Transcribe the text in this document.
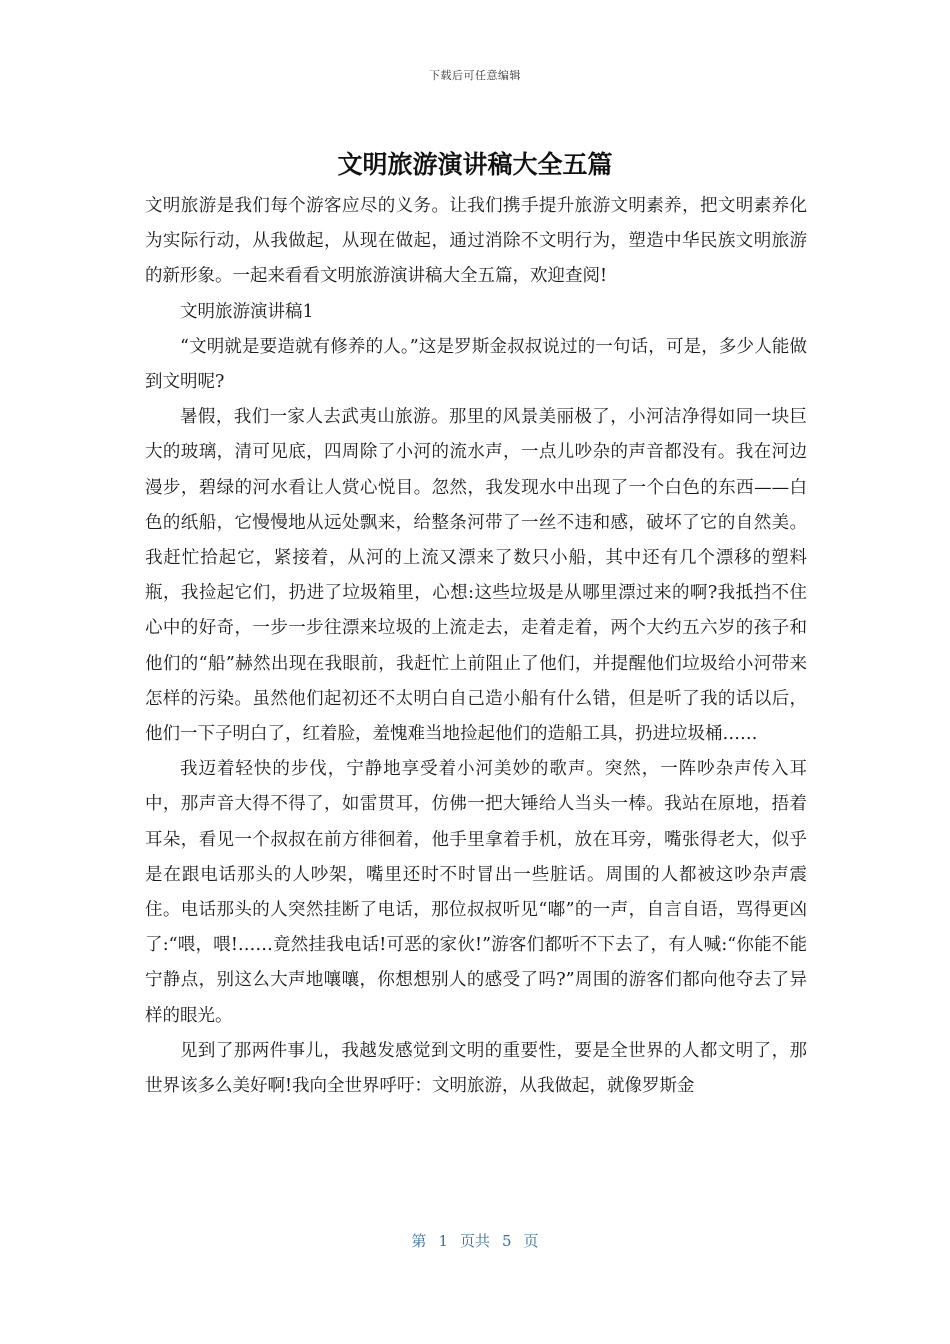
下载后可任意编辑
文明旅游演讲稿大全五篇

文明旅游是我们每个游客应尽的义务。让我们携手提升旅游文明素养，把文明素养化为实际行动，从我做起，从现在做起，通过消除不文明行为，塑造中华民族文明旅游的新形象。一起来看看文明旅游演讲稿大全五篇，欢迎查阅!

文明旅游演讲稿1

“文明就是要造就有修养的人。”这是罗斯金叔叔说过的一句话，可是，多少人能做到文明呢?

暑假，我们一家人去武夷山旅游。那里的风景美丽极了，小河洁净得如同一块巨大的玻璃，清可见底，四周除了小河的流水声，一点儿吵杂的声音都没有。我在河边漫步，碧绿的河水看让人赏心悦目。忽然，我发现水中出现了一个白色的东西——白色的纸船，它慢慢地从远处飘来，给整条河带了一丝不违和感，破坏了它的自然美。我赶忙拾起它，紧接着，从河的上流又漂来了数只小船，其中还有几个漂移的塑料瓶，我捡起它们，扔进了垃圾箱里，心想:这些垃圾是从哪里漂过来的啊?我抵挡不住心中的好奇，一步一步往漂来垃圾的上流走去，走着走着，两个大约五六岁的孩子和他们的“船”赫然出现在我眼前，我赶忙上前阻止了他们，并提醒他们垃圾给小河带来怎样的污染。虽然他们起初还不太明白自己造小船有什么错，但是听了我的话以后，他们一下子明白了，红着脸，羞愧难当地捡起他们的造船工具，扔进垃圾桶……

我迈着轻快的步伐，宁静地享受着小河美妙的歌声。突然，一阵吵杂声传入耳中，那声音大得不得了，如雷贯耳，仿佛一把大锤给人当头一棒。我站在原地，捂着耳朵，看见一个叔叔在前方徘徊着，他手里拿着手机，放在耳旁，嘴张得老大，似乎是在跟电话那头的人吵架，嘴里还时不时冒出一些脏话。周围的人都被这吵杂声震住。电话那头的人突然挂断了电话，那位叔叔听见“嘟”的一声，自言自语，骂得更凶了:“喂，喂!……竟然挂我电话!可恶的家伙!”游客们都听不下去了，有人喊:“你能不能宁静点，别这么大声地嚷嚷，你想想别人的感受了吗?”周围的游客们都向他夺去了异样的眼光。

见到了那两件事儿，我越发感觉到文明的重要性，要是全世界的人都文明了，那世界该多么美好啊!我向全世界呼吁：文明旅游，从我做起，就像罗斯金

第 1 页共 5 页
